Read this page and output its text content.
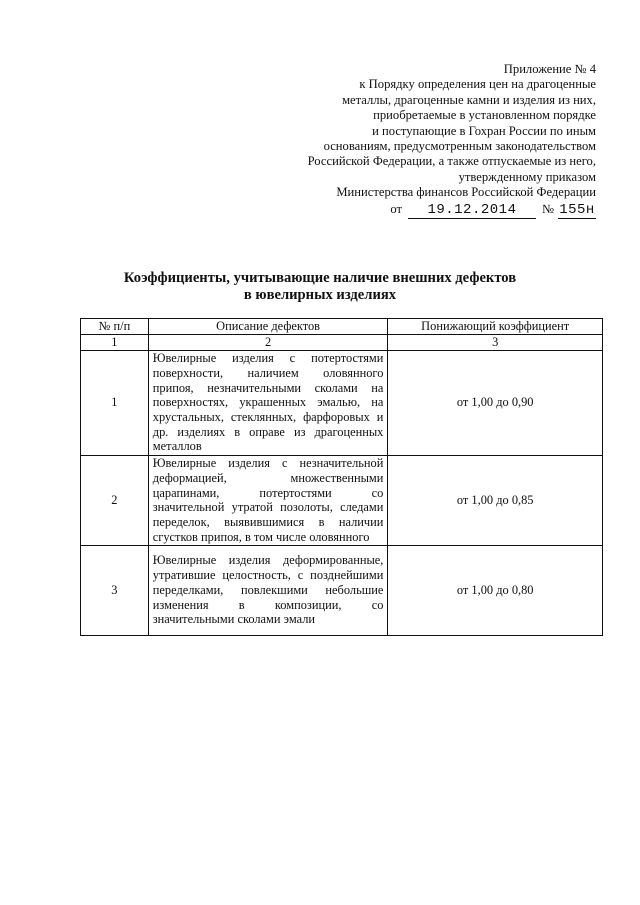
Приложение № 4
к Порядку определения цен на драгоценные
металлы, драгоценные камни и изделия из них,
приобретаемые в установленном порядке
и поступающие в Гохран России по иным
основаниям, предусмотренным законодательством
Российской Федерации, а также отпускаемые из него,
утвержденному приказом
Министерства финансов Российской Федерации
от 19.12.2014 № 155н
Коэффициенты, учитывающие наличие внешних дефектов
в ювелирных изделиях
№ п/п	Описание дефектов	Понижающий коэффициент
1	2	3
1	Ювелирные изделия с потертостями поверхности, наличием оловянного припоя, незначительными сколами на поверхностях, украшенных эмалью, на хрустальных, стеклянных, фарфоровых и др. изделиях в оправе из драгоценных металлов	от 1,00 до 0,90
2	Ювелирные изделия с незначительной деформацией, множественными царапинами, потертостями со значительной утратой позолоты, следами переделок, выявившимися в наличии сгустков припоя, в том числе оловянного	от 1,00 до 0,85
3	Ювелирные изделия деформированные, утратившие целостность, с позднейшими переделками, повлекшими небольшие изменения в композиции, со значительными сколами эмали	от 1,00 до 0,80
